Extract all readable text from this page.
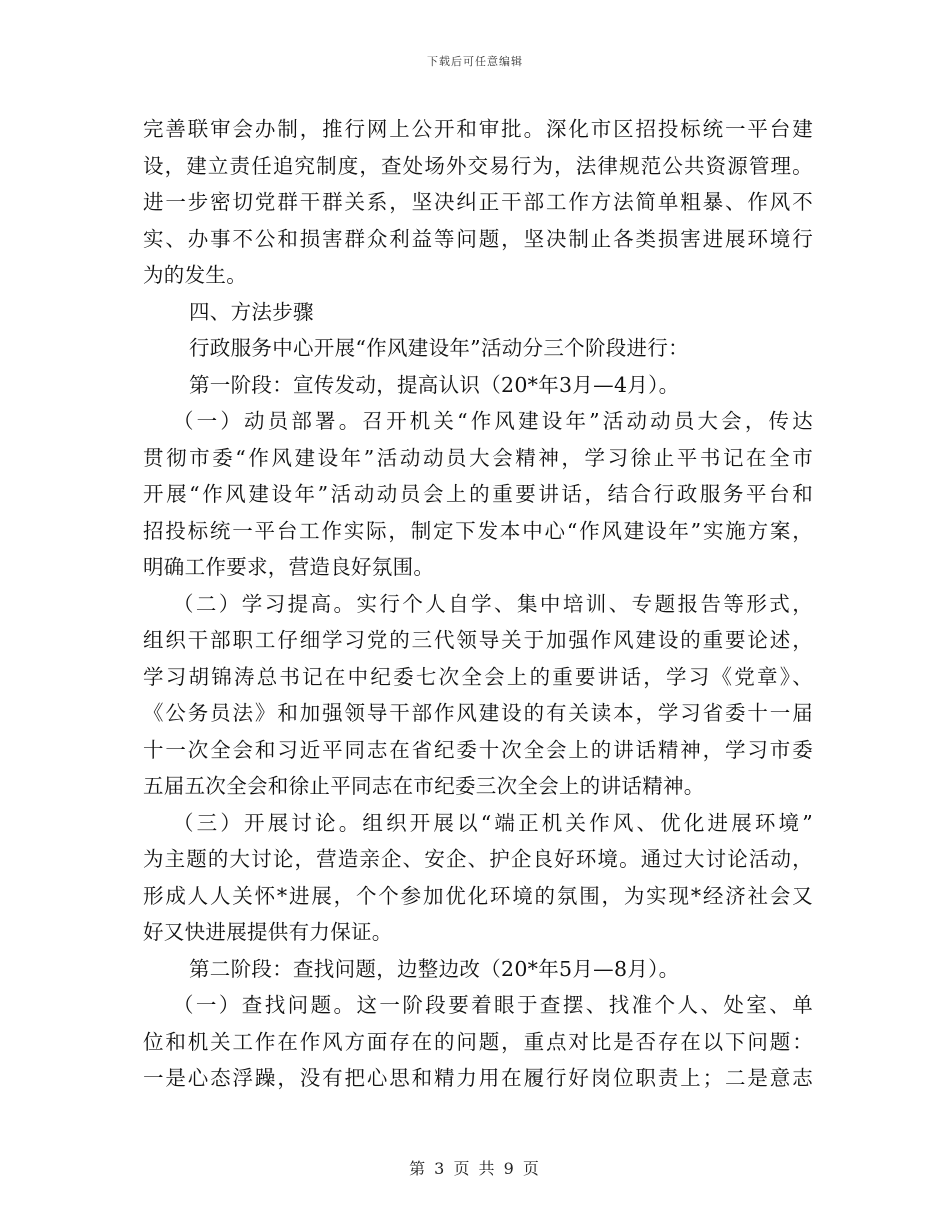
下载后可任意编辑
完善联审会办制，推行网上公开和审批。深化市区招投标统一平台建
设，建立责任追究制度，查处场外交易行为，法律规范公共资源管理。
进一步密切党群干群关系，坚决纠正干部工作方法简单粗暴、作风不
实、办事不公和损害群众利益等问题，坚决制止各类损害进展环境行
为的发生。
四、方法步骤
行政服务中心开展“作风建设年”活动分三个阶段进行：
第一阶段：宣传发动，提高认识（20*年3月—4月）。
（一）动员部署。召开机关“作风建设年”活动动员大会，传达
贯彻市委“作风建设年”活动动员大会精神，学习徐止平书记在全市
开展“作风建设年”活动动员会上的重要讲话，结合行政服务平台和
招投标统一平台工作实际，制定下发本中心“作风建设年”实施方案，
明确工作要求，营造良好氛围。
（二）学习提高。实行个人自学、集中培训、专题报告等形式，
组织干部职工仔细学习党的三代领导关于加强作风建设的重要论述，
学习胡锦涛总书记在中纪委七次全会上的重要讲话，学习《党章》、
《公务员法》和加强领导干部作风建设的有关读本，学习省委十一届
十一次全会和习近平同志在省纪委十次全会上的讲话精神，学习市委
五届五次全会和徐止平同志在市纪委三次全会上的讲话精神。
（三）开展讨论。组织开展以“端正机关作风、优化进展环境”
为主题的大讨论，营造亲企、安企、护企良好环境。通过大讨论活动，
形成人人关怀*进展，个个参加优化环境的氛围，为实现*经济社会又
好又快进展提供有力保证。
第二阶段：查找问题，边整边改（20*年5月—8月）。
（一）查找问题。这一阶段要着眼于查摆、找准个人、处室、单
位和机关工作在作风方面存在的问题，重点对比是否存在以下问题：
一是心态浮躁，没有把心思和精力用在履行好岗位职责上；二是意志
第 3 页 共 9 页
